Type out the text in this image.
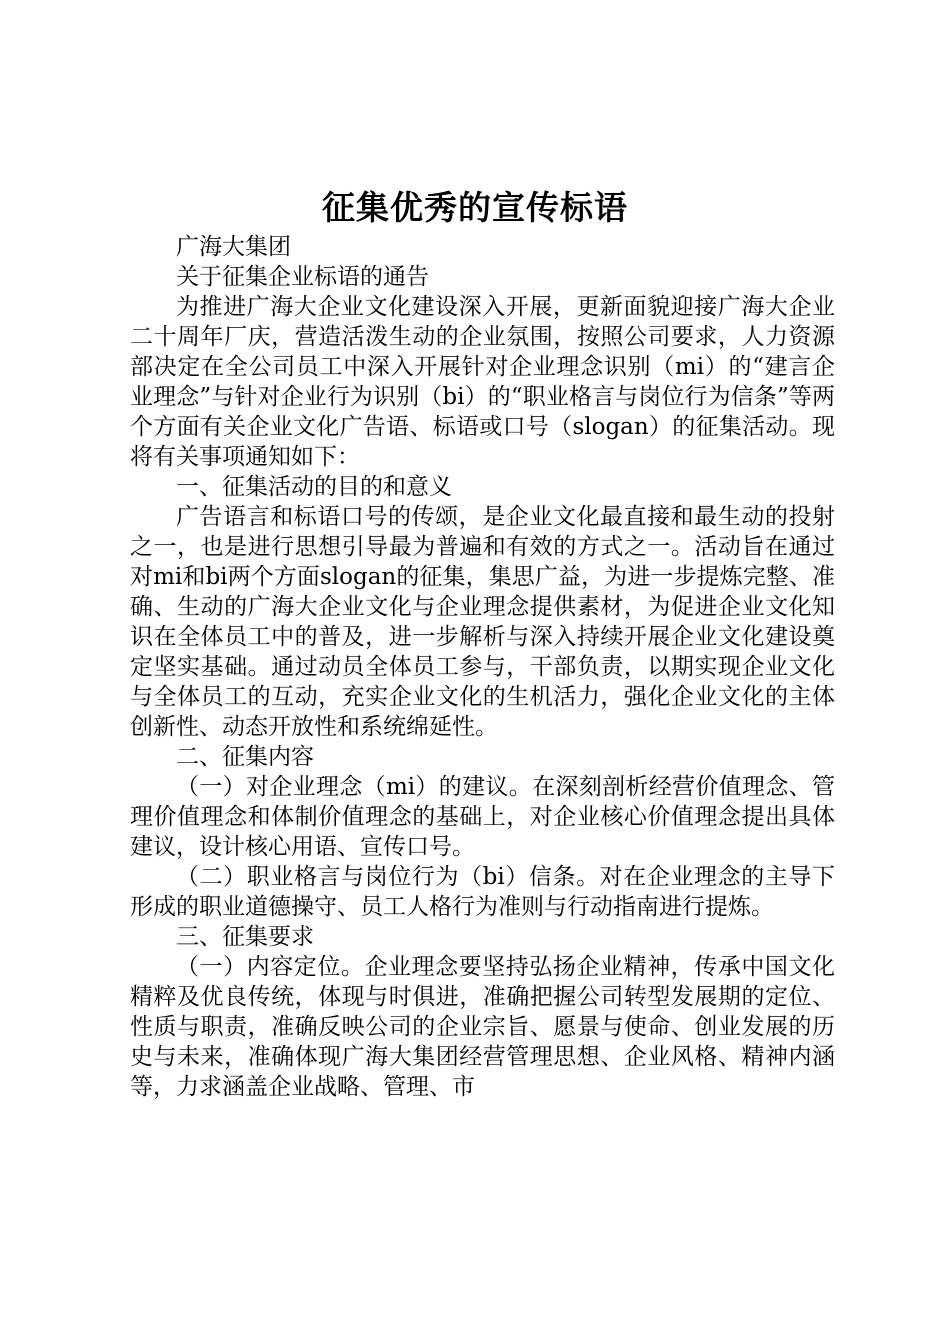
征集优秀的宣传标语

广海大集团

关于征集企业标语的通告

为推进广海大企业文化建设深入开展，更新面貌迎接广海大企业二十周年厂庆，营造活泼生动的企业氛围，按照公司要求，人力资源部决定在全公司员工中深入开展针对企业理念识别（mi）的“建言企业理念”与针对企业行为识别（bi）的“职业格言与岗位行为信条”等两个方面有关企业文化广告语、标语或口号（slogan）的征集活动。现将有关事项通知如下：

一、征集活动的目的和意义

广告语言和标语口号的传颂，是企业文化最直接和最生动的投射之一，也是进行思想引导最为普遍和有效的方式之一。活动旨在通过对mi和bi两个方面slogan的征集，集思广益，为进一步提炼完整、准确、生动的广海大企业文化与企业理念提供素材，为促进企业文化知识在全体员工中的普及，进一步解析与深入持续开展企业文化建设奠定坚实基础。通过动员全体员工参与，干部负责，以期实现企业文化与全体员工的互动，充实企业文化的生机活力，强化企业文化的主体创新性、动态开放性和系统绵延性。

二、征集内容

（一）对企业理念（mi）的建议。在深刻剖析经营价值理念、管理价值理念和体制价值理念的基础上，对企业核心价值理念提出具体建议，设计核心用语、宣传口号。

（二）职业格言与岗位行为（bi）信条。对在企业理念的主导下形成的职业道德操守、员工人格行为准则与行动指南进行提炼。

三、征集要求

（一）内容定位。企业理念要坚持弘扬企业精神，传承中国文化精粹及优良传统，体现与时俱进，准确把握公司转型发展期的定位、性质与职责，准确反映公司的企业宗旨、愿景与使命、创业发展的历史与未来，准确体现广海大集团经营管理思想、企业风格、精神内涵等，力求涵盖企业战略、管理、市
